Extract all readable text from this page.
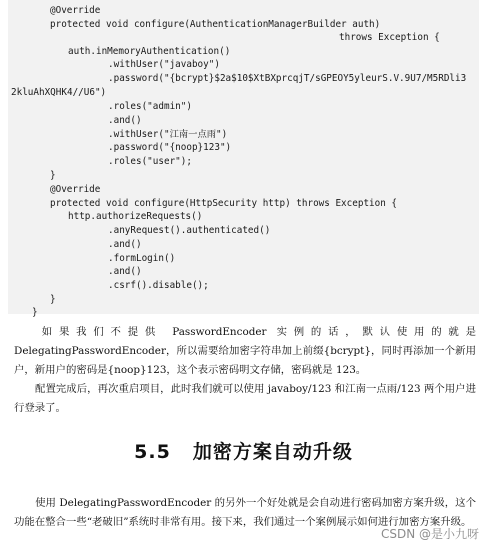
@Override
protected void configure(AuthenticationManagerBuilder auth)
throws Exception {
auth.inMemoryAuthentication()
.withUser("javaboy")
.password("{bcrypt}$2a$10$XtBXprcqjT/sGPEOY5yleurS.V.9U7/M5RDli3
2kluAhXQHK4//U6")
.roles("admin")
.and()
.withUser("江南一点雨")
.password("{noop}123")
.roles("user");
}
@Override
protected void configure(HttpSecurity http) throws Exception {
http.authorizeRequests()
.anyRequest().authenticated()
.and()
.formLogin()
.and()
.csrf().disable();
}
}
如果我们不提供 PasswordEncoder 实例的话，默认使用的就是 DelegatingPasswordEncoder，所以需要给加密字符串加上前缀{bcrypt}，同时再添加一个新用户，新用户的密码是{noop}123，这个表示密码明文存储，密码就是 123。
配置完成后，再次重启项目，此时我们就可以使用 javaboy/123 和江南一点雨/123 两个用户进行登录了。
5.5 加密方案自动升级
使用 DelegatingPasswordEncoder 的另外一个好处就是会自动进行密码加密方案升级，这个功能在整合一些“老破旧”系统时非常有用。接下来，我们通过一个案例展示如何进行加密方案升级。
CSDN @是小九呀
